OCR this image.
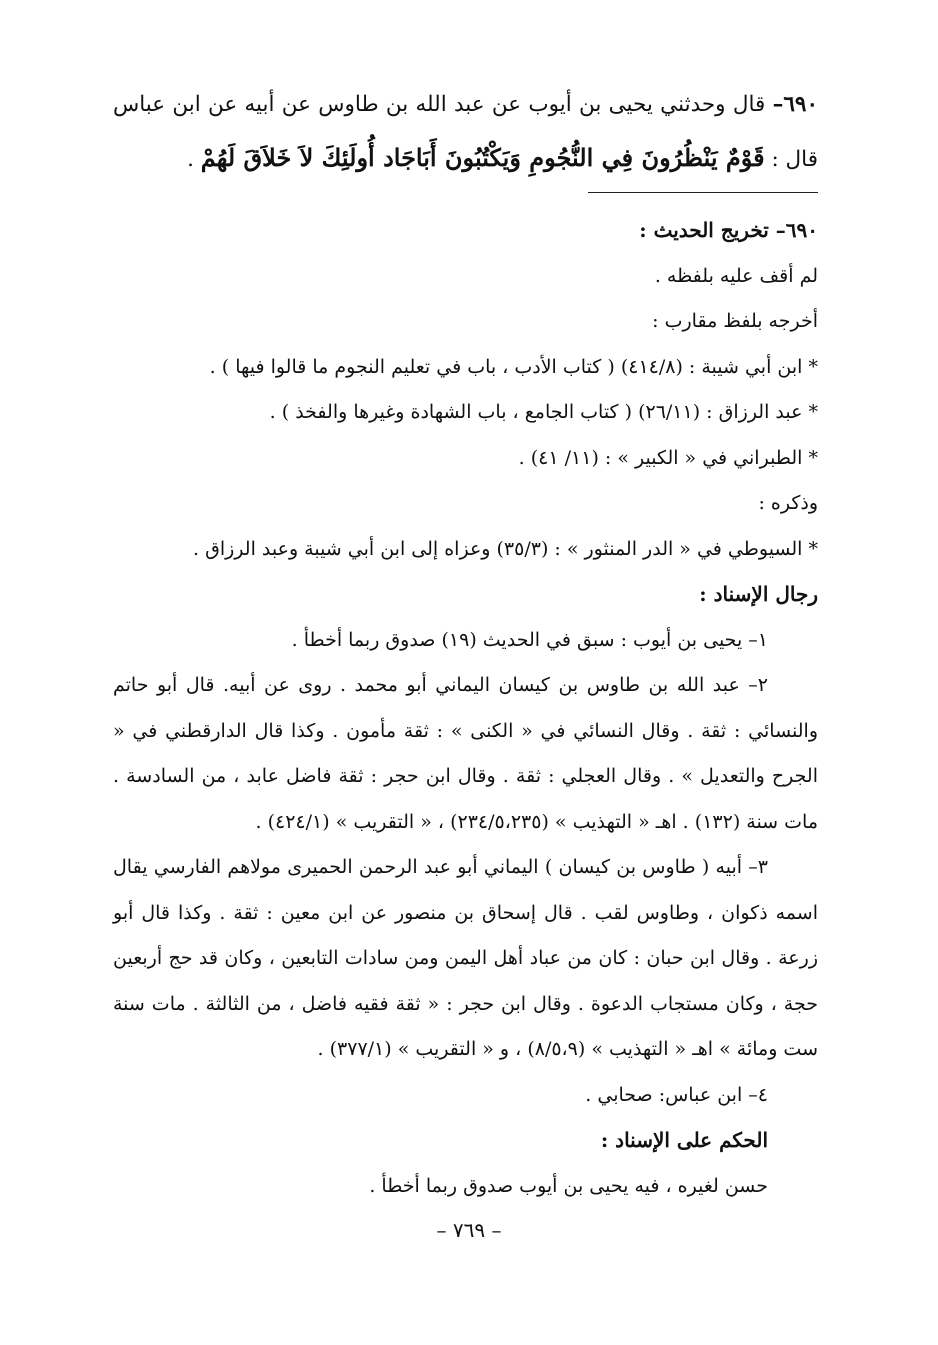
٦٩٠– قال وحدثني يحيى بن أيوب عن عبد الله بن طاوس عن أبيه عن ابن عباس قال : قَوْمٌ يَنْظُرُونَ فِي النُّجُومِ وَيَكْتُبُونَ أَبَاجَاد أُولَئِكَ لاَ خَلاَقَ لَهُمْ .

٦٩٠– تخريج الحديث :

لم أقف عليه بلفظه .

أخرجه بلفظ مقارب :

* ابن أبي شيبة : (٤١٤/٨) ( كتاب الأدب ، باب في تعليم النجوم ما قالوا فيها ) .

* عبد الرزاق : (٢٦/١١) ( كتاب الجامع ، باب الشهادة وغيرها والفخذ ) .

* الطبراني في « الكبير » : (١١/ ٤١) .

وذكره :

* السيوطي في « الدر المنثور » : (٣٥/٣) وعزاه إلى ابن أبي شيبة وعبد الرزاق .

رجال الإسناد :

١– يحيى بن أيوب : سبق في الحديث (١٩) صدوق ربما أخطأ .

٢– عبد الله بن طاوس بن كيسان اليماني أبو محمد . روى عن أبيه. قال أبو حاتم والنسائي : ثقة . وقال النسائي في « الكنى » : ثقة مأمون . وكذا قال الدارقطني في « الجرح والتعديل » . وقال العجلي : ثقة . وقال ابن حجر : ثقة فاضل عابد ، من السادسة . مات سنة (١٣٢) . اهـ « التهذيب » (٢٣٤/٥،٢٣٥) ، « التقريب » (٤٢٤/١) .

٣– أبيه ( طاوس بن كيسان ) اليماني أبو عبد الرحمن الحميرى مولاهم الفارسي يقال اسمه ذكوان ، وطاوس لقب . قال إسحاق بن منصور عن ابن معين : ثقة . وكذا قال أبو زرعة . وقال ابن حبان : كان من عباد أهل اليمن ومن سادات التابعين ، وكان قد حج أربعين حجة ، وكان مستجاب الدعوة . وقال ابن حجر : « ثقة فقيه فاضل ، من الثالثة . مات سنة ست ومائة » اهـ « التهذيب » (٨/٥،٩) ، و « التقريب » (٣٧٧/١) .

٤– ابن عباس: صحابي .

الحكم على الإسناد :

حسن لغيره ، فيه يحيى بن أيوب صدوق ربما أخطأ .

– ٧٦٩ –
